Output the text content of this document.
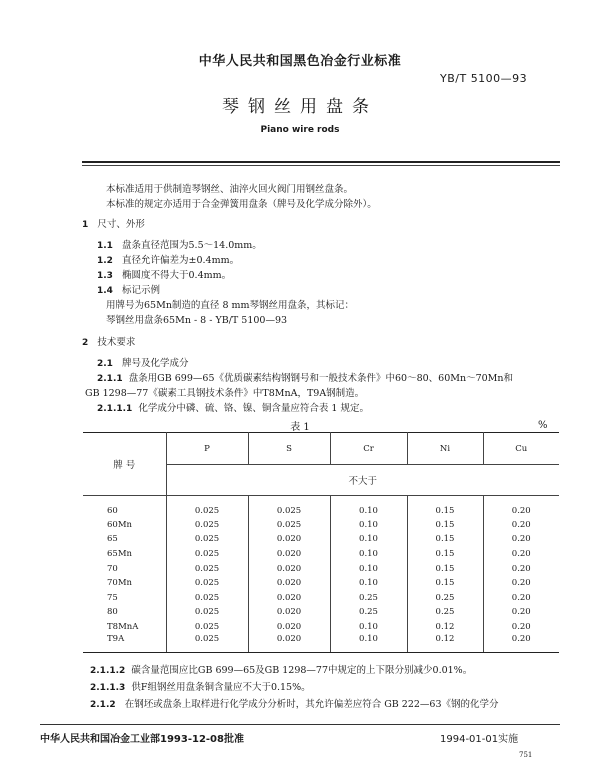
中华人民共和国黑色冶金行业标准
YB/T 5100—93
琴钢丝用盘条
Piano wire rods
本标准适用于供制造琴钢丝、油淬火回火阀门用钢丝盘条。
本标准的规定亦适用于合金弹簧用盘条（牌号及化学成分除外）。
1 尺寸、外形
1.1 盘条直径范围为5.5～14.0mm。
1.2 直径允许偏差为±0.4mm。
1.3 椭圆度不得大于0.4mm。
1.4 标记示例
用牌号为65Mn制造的直径 8 mm琴钢丝用盘条，其标记：
琴钢丝用盘条65Mn - 8 - YB/T 5100—93
2 技术要求
2.1 牌号及化学成分
2.1.1 盘条用GB 699—65《优质碳素结构钢钢号和一般技术条件》中60～80、60Mn～70Mn和
GB 1298—77《碳素工具钢技术条件》中T8MnA，T9A钢制造。
2.1.1.1 化学成分中磷、硫、铬、镍、铜含量应符合表 1 规定。
表 1	%
牌 号	P	S	Cr	Ni	Cu
	不大于				
60	0.025	0.025	0.10	0.15	0.20
60Mn	0.025	0.025	0.10	0.15	0.20
65	0.025	0.020	0.10	0.15	0.20
65Mn	0.025	0.020	0.10	0.15	0.20
70	0.025	0.020	0.10	0.15	0.20
70Mn	0.025	0.020	0.10	0.15	0.20
75	0.025	0.020	0.25	0.25	0.20
80	0.025	0.020	0.25	0.25	0.20
T8MnA	0.025	0.020	0.10	0.12	0.20
T9A	0.025	0.020	0.10	0.12	0.20
2.1.1.2 碳含量范围应比GB 699—65及GB 1298—77中规定的上下限分别减少0.01%。
2.1.1.3 供F组钢丝用盘条铜含量应不大于0.15%。
2.1.2 在钢坯或盘条上取样进行化学成分分析时，其允许偏差应符合 GB 222—63《钢的化学分
中华人民共和国冶金工业部1993-12-08批准	1994-01-01实施
751
